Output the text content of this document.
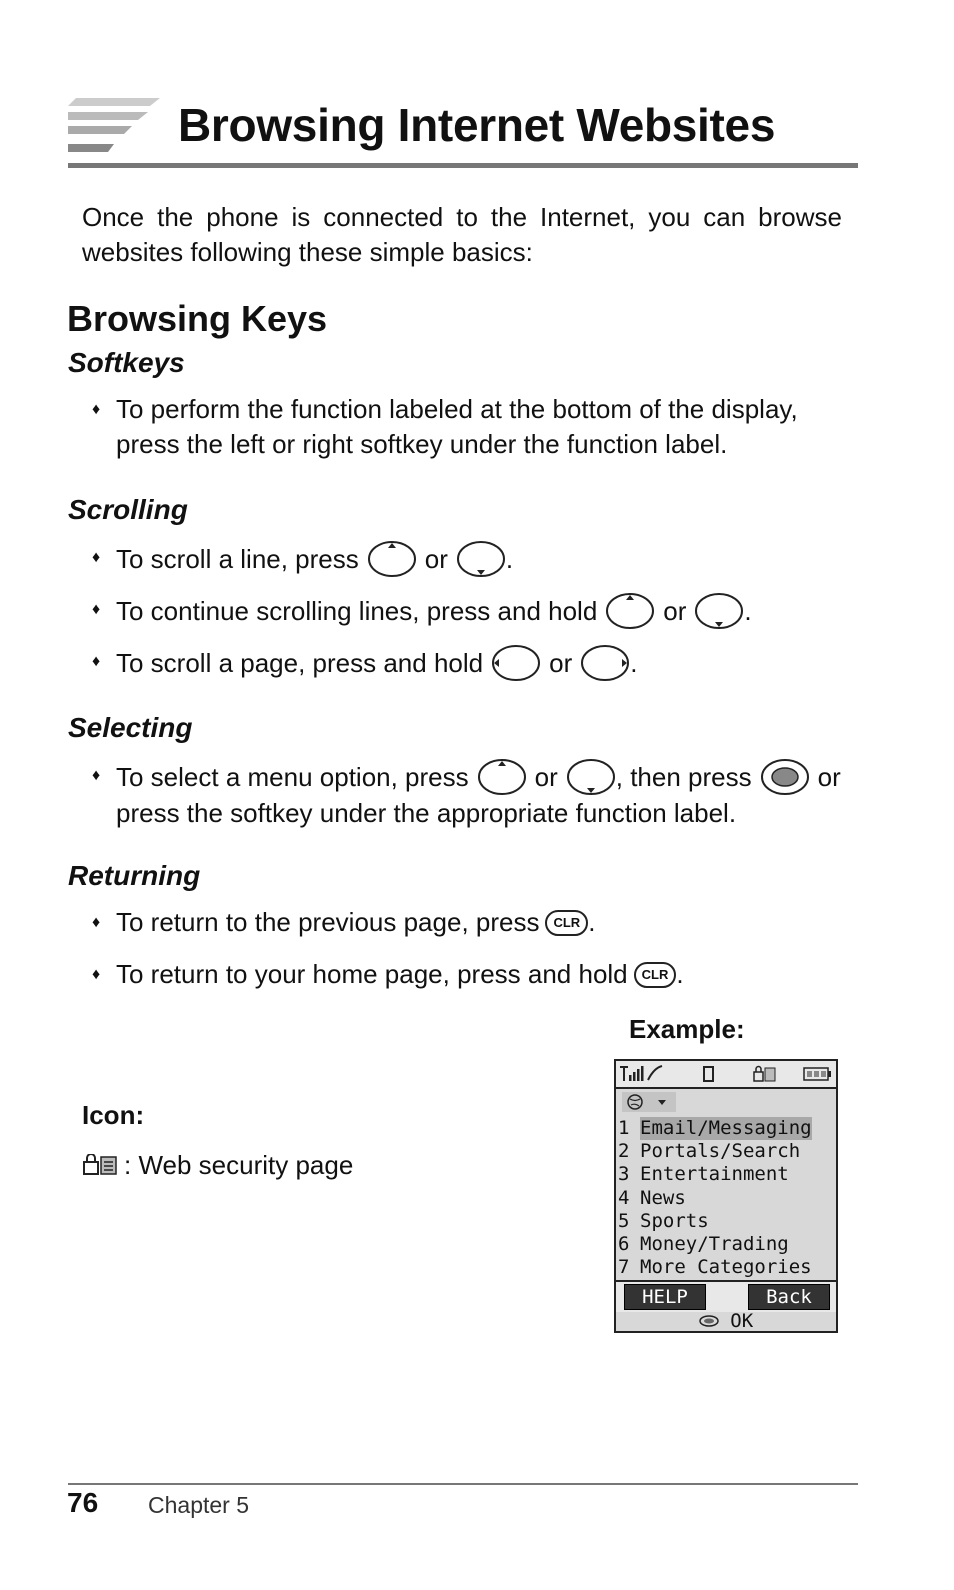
Browsing Internet Websites

Once the phone is connected to the Internet, you can browse websites following these simple basics:

Browsing Keys
Softkeys
♦ To perform the function labeled at the bottom of the display, press the left or right softkey under the function label.
Scrolling
♦ To scroll a line, press	or .
♦ To continue scrolling lines, press and hold	or .
♦ To scroll a page, press and hold	or .
Selecting
♦ To select a menu option, press	or , then press	or
press the softkey under the appropriate function label.
Returning
♦ To return to the previous page, press	CLR .
♦ To return to your home page, press and hold	CLR .

Example:

Icon:

: Web security page
1 Email/Messaging
2 Portals/Search
3 Entertainment
4 News
5 Sports
6 Money/Trading
7 More Categories
HELP	Back
OK

76 Chapter 5
